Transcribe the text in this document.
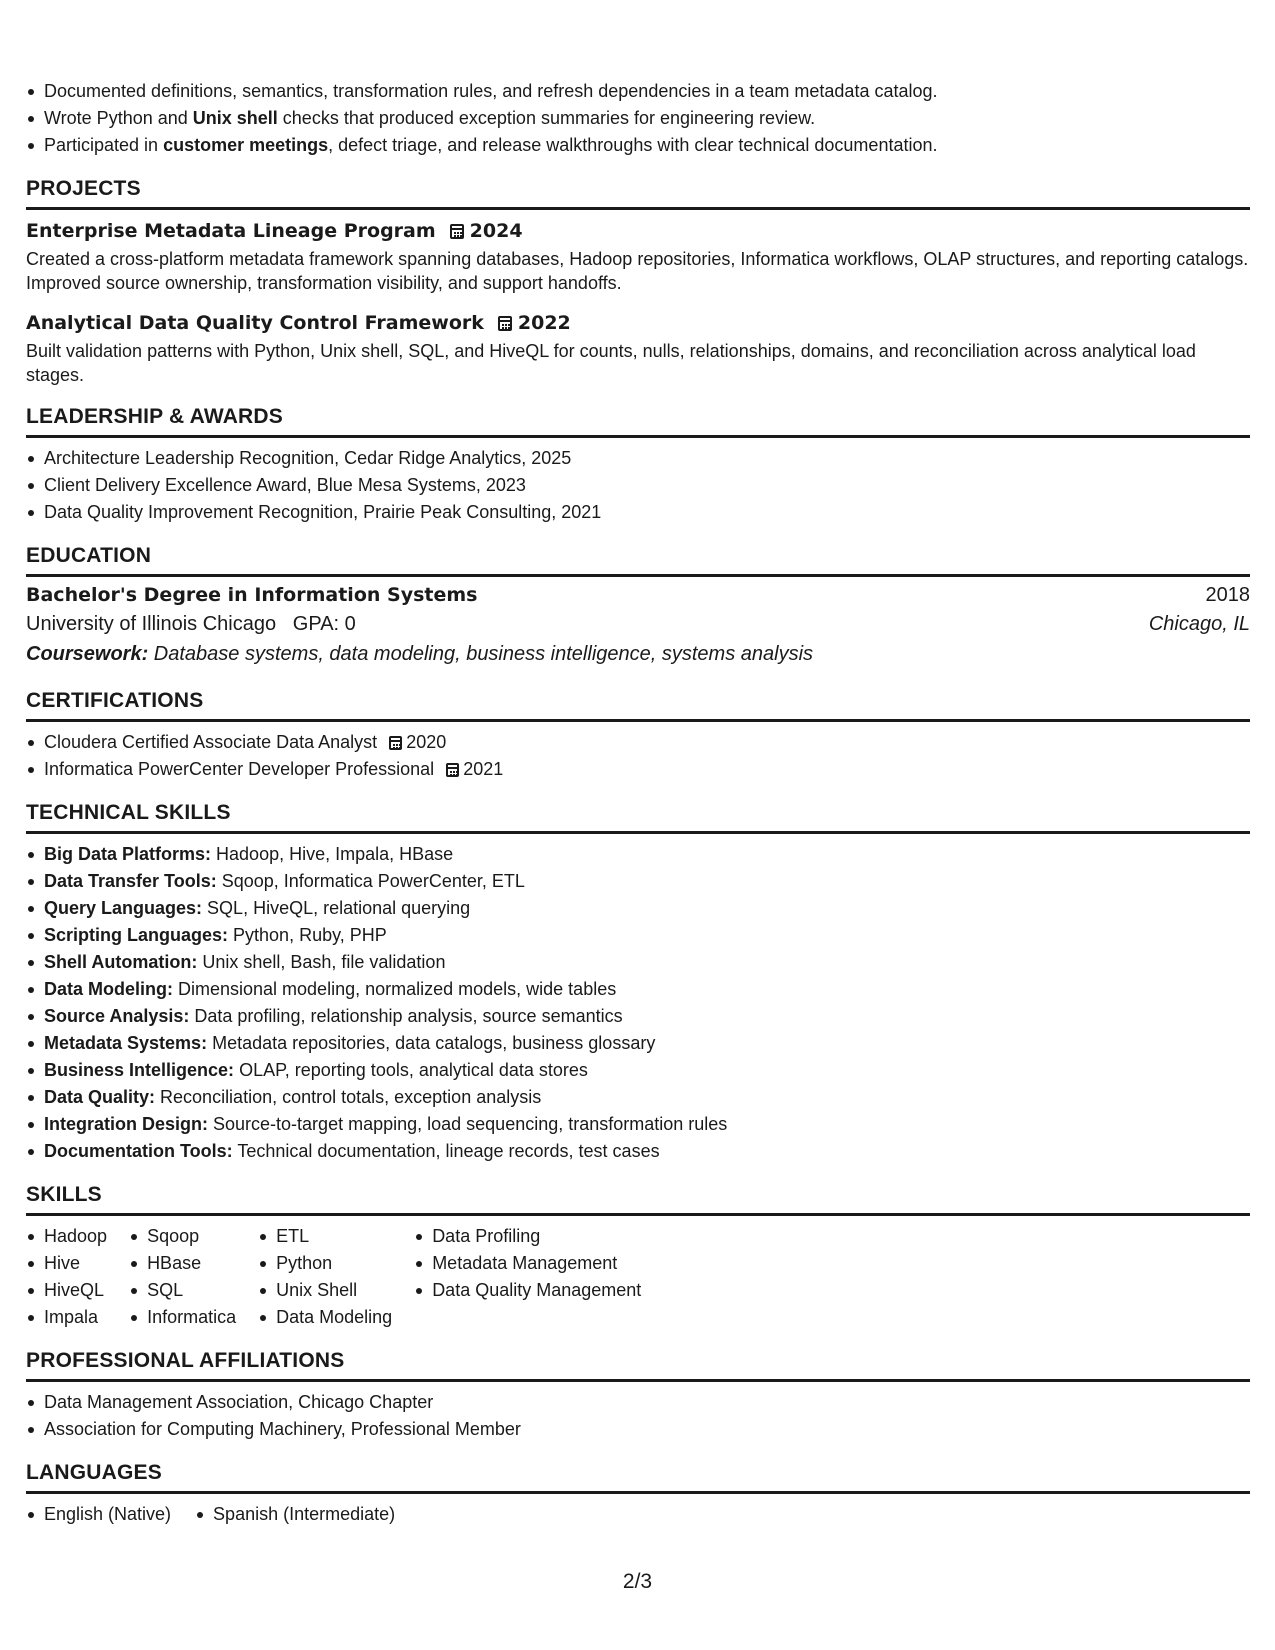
Documented definitions, semantics, transformation rules, and refresh dependencies in a team metadata catalog.
Wrote Python and Unix shell checks that produced exception summaries for engineering review.
Participated in customer meetings, defect triage, and release walkthroughs with clear technical documentation.
PROJECTS
Enterprise Metadata Lineage Program 2024

Created a cross-platform metadata framework spanning databases, Hadoop repositories, Informatica workflows, OLAP structures, and reporting catalogs. Improved source ownership, transformation visibility, and support handoffs.

Analytical Data Quality Control Framework 2022

Built validation patterns with Python, Unix shell, SQL, and HiveQL for counts, nulls, relationships, domains, and reconciliation across analytical load stages.

LEADERSHIP & AWARDS
Architecture Leadership Recognition, Cedar Ridge Analytics, 2025
Client Delivery Excellence Award, Blue Mesa Systems, 2023
Data Quality Improvement Recognition, Prairie Peak Consulting, 2021
EDUCATION
Bachelor's Degree in Information Systems	2018
University of Illinois Chicago GPA: 0	Chicago, IL
Coursework: Database systems, data modeling, business intelligence, systems analysis
CERTIFICATIONS
Cloudera Certified Associate Data Analyst 2020
Informatica PowerCenter Developer Professional 2021
TECHNICAL SKILLS
Big Data Platforms: Hadoop, Hive, Impala, HBase
Data Transfer Tools: Sqoop, Informatica PowerCenter, ETL
Query Languages: SQL, HiveQL, relational querying
Scripting Languages: Python, Ruby, PHP
Shell Automation: Unix shell, Bash, file validation
Data Modeling: Dimensional modeling, normalized models, wide tables
Source Analysis: Data profiling, relationship analysis, source semantics
Metadata Systems: Metadata repositories, data catalogs, business glossary
Business Intelligence: OLAP, reporting tools, analytical data stores
Data Quality: Reconciliation, control totals, exception analysis
Integration Design: Source-to-target mapping, load sequencing, transformation rules
Documentation Tools: Technical documentation, lineage records, test cases
SKILLS
Hadoop
Hive
HiveQL
Impala
Sqoop
HBase
SQL
Informatica
ETL
Python
Unix Shell
Data Modeling
Data Profiling
Metadata Management
Data Quality Management
PROFESSIONAL AFFILIATIONS
Data Management Association, Chicago Chapter
Association for Computing Machinery, Professional Member
LANGUAGES
English (Native)	Spanish (Intermediate)
2/3
